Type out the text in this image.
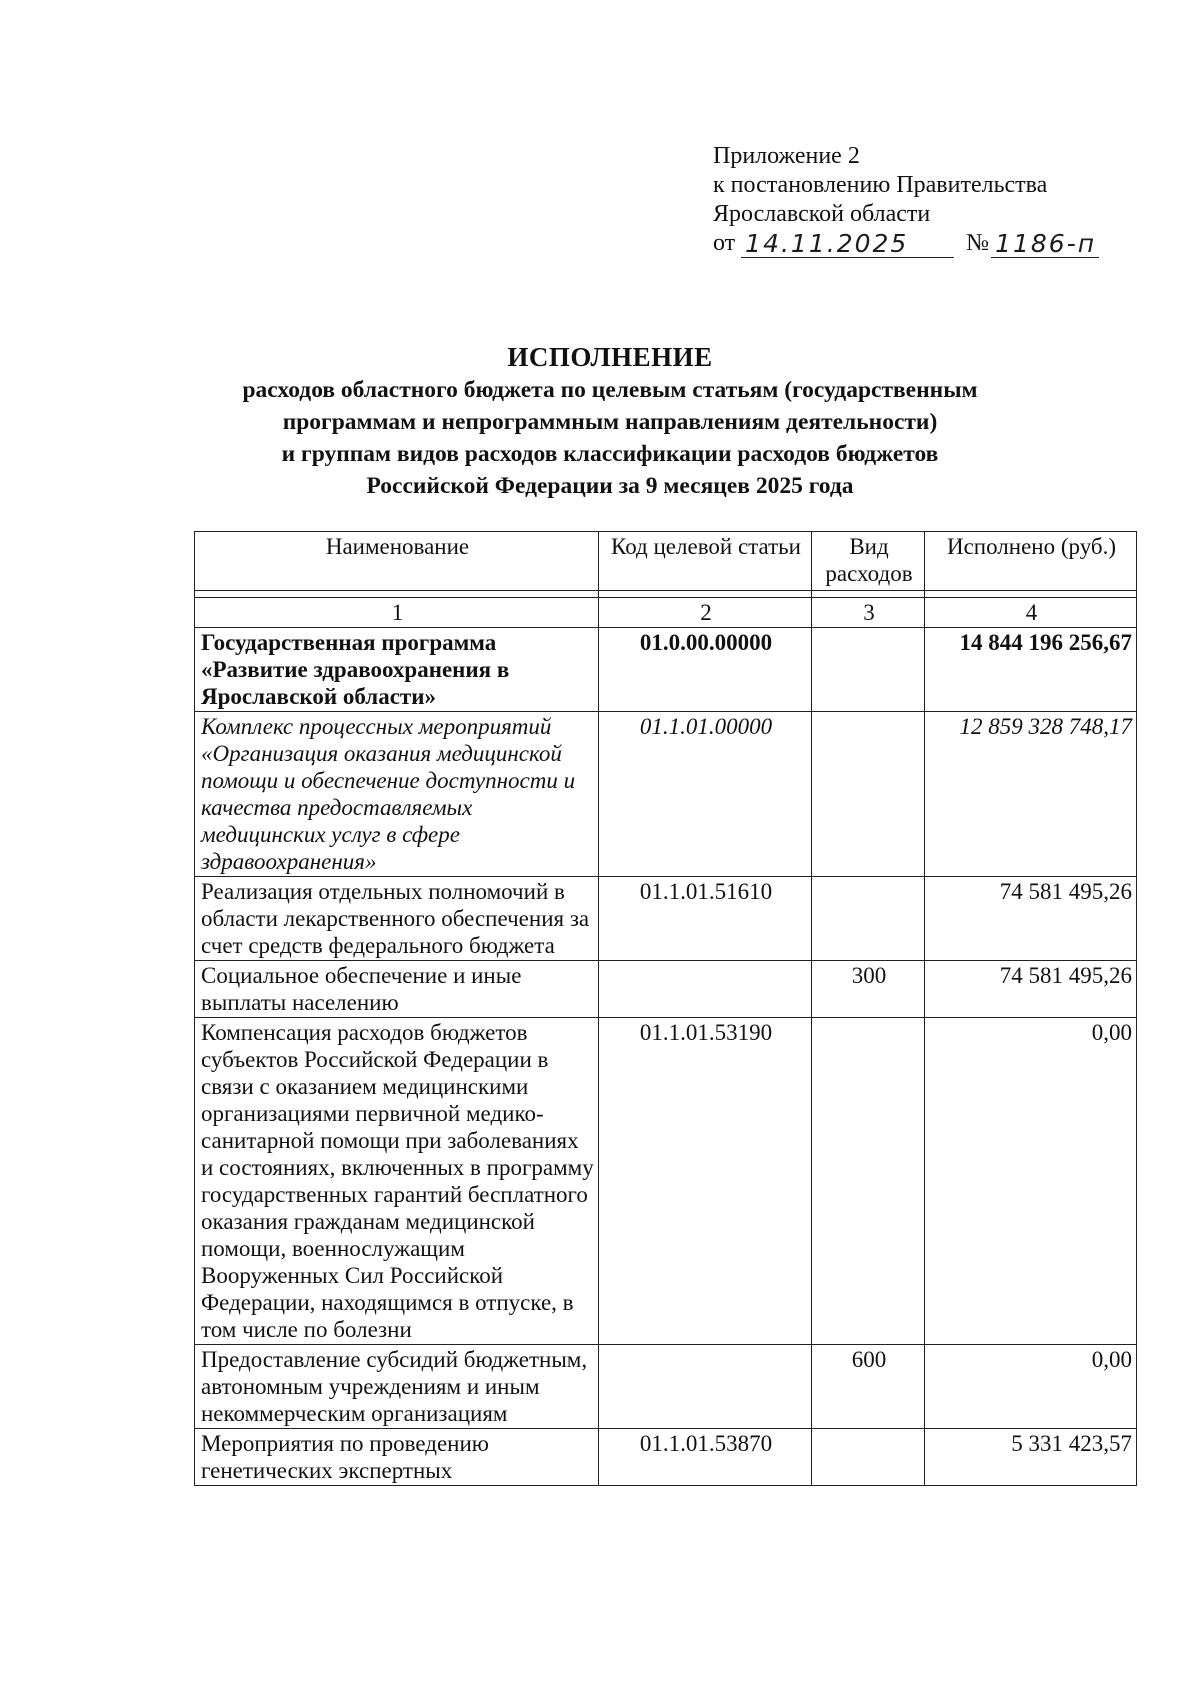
Приложение 2
к постановлению Правительства
Ярославской области
от 14.11.2025	№ 1186-п
ИСПОЛНЕНИЕ
расходов областного бюджета по целевым статьям (государственным
программам и непрограммным направлениям деятельности)
и группам видов расходов классификации расходов бюджетов
Российской Федерации за 9 месяцев 2025 года
Наименование	Код целевой статьи	Вид расходов	Исполнено (руб.)

1	2	3	4
Государственная программа «Развитие здравоохранения в Ярославской области»	01.0.00.00000		14 844 196 256,67
Комплекс процессных мероприятий «Организация оказания медицинской помощи и обеспечение доступности и качества предоставляемых медицинских услуг в сфере здравоохранения»	01.1.01.00000		12 859 328 748,17
Реализация отдельных полномочий в области лекарственного обеспечения за счет средств федерального бюджета	01.1.01.51610		74 581 495,26
Социальное обеспечение и иные выплаты населению		300	74 581 495,26
Компенсация расходов бюджетов субъектов Российской Федерации в связи с оказанием медицинскими организациями первичной медико-санитарной помощи при заболеваниях и состояниях, включенных в программу государственных гарантий бесплатного оказания гражданам медицинской помощи, военнослужащим Вооруженных Сил Российской Федерации, находящимся в отпуске, в том числе по болезни	01.1.01.53190		0,00
Предоставление субсидий бюджетным, автономным учреждениям и иным некоммерческим организациям		600	0,00
Мероприятия по проведению генетических экспертных	01.1.01.53870		5 331 423,57
